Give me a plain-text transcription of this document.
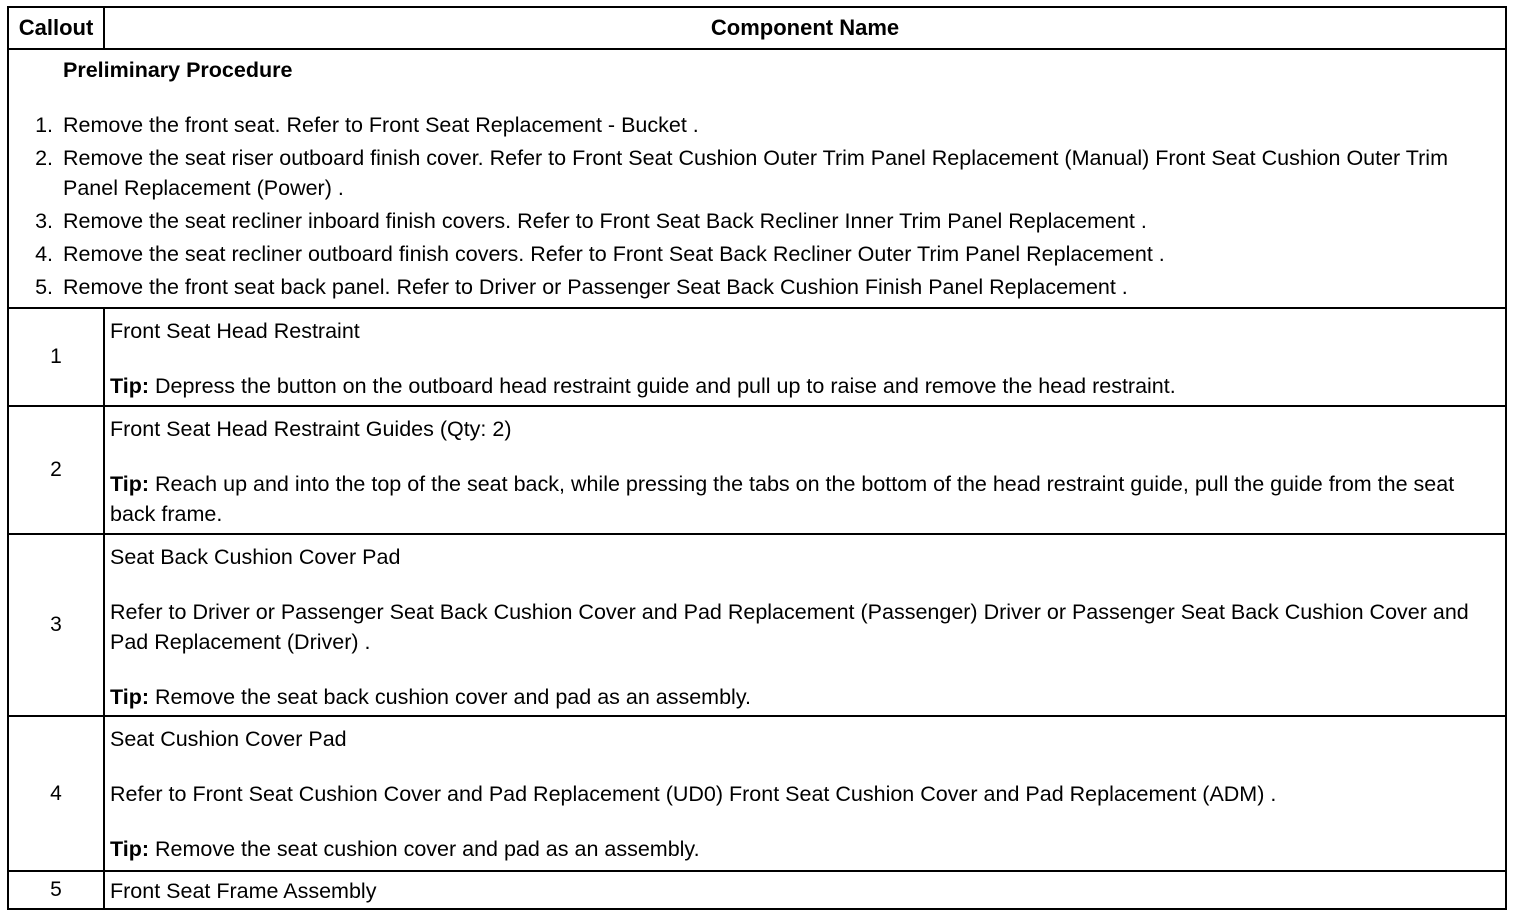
Callout	Component Name
Preliminary Procedure
1. Remove the front seat. Refer to Front Seat Replacement - Bucket .
2. Remove the seat riser outboard finish cover. Refer to Front Seat Cushion Outer Trim Panel Replacement (Manual) Front Seat Cushion Outer Trim Panel Replacement (Power) .
3. Remove the seat recliner inboard finish covers. Refer to Front Seat Back Recliner Inner Trim Panel Replacement .
4. Remove the seat recliner outboard finish covers. Refer to Front Seat Back Recliner Outer Trim Panel Replacement .
5. Remove the front seat back panel. Refer to Driver or Passenger Seat Back Cushion Finish Panel Replacement .
1

Front Seat Head Restraint

Tip: Depress the button on the outboard head restraint guide and pull up to raise and remove the head restraint.

2

Front Seat Head Restraint Guides (Qty: 2)

Tip: Reach up and into the top of the seat back, while pressing the tabs on the bottom of the head restraint guide, pull the guide from the seat back frame.

3

Seat Back Cushion Cover Pad

Refer to Driver or Passenger Seat Back Cushion Cover and Pad Replacement (Passenger) Driver or Passenger Seat Back Cushion Cover and Pad Replacement (Driver) .

Tip: Remove the seat back cushion cover and pad as an assembly.

4

Seat Cushion Cover Pad

Refer to Front Seat Cushion Cover and Pad Replacement (UD0) Front Seat Cushion Cover and Pad Replacement (ADM) .

Tip: Remove the seat cushion cover and pad as an assembly.

5	Front Seat Frame Assembly
